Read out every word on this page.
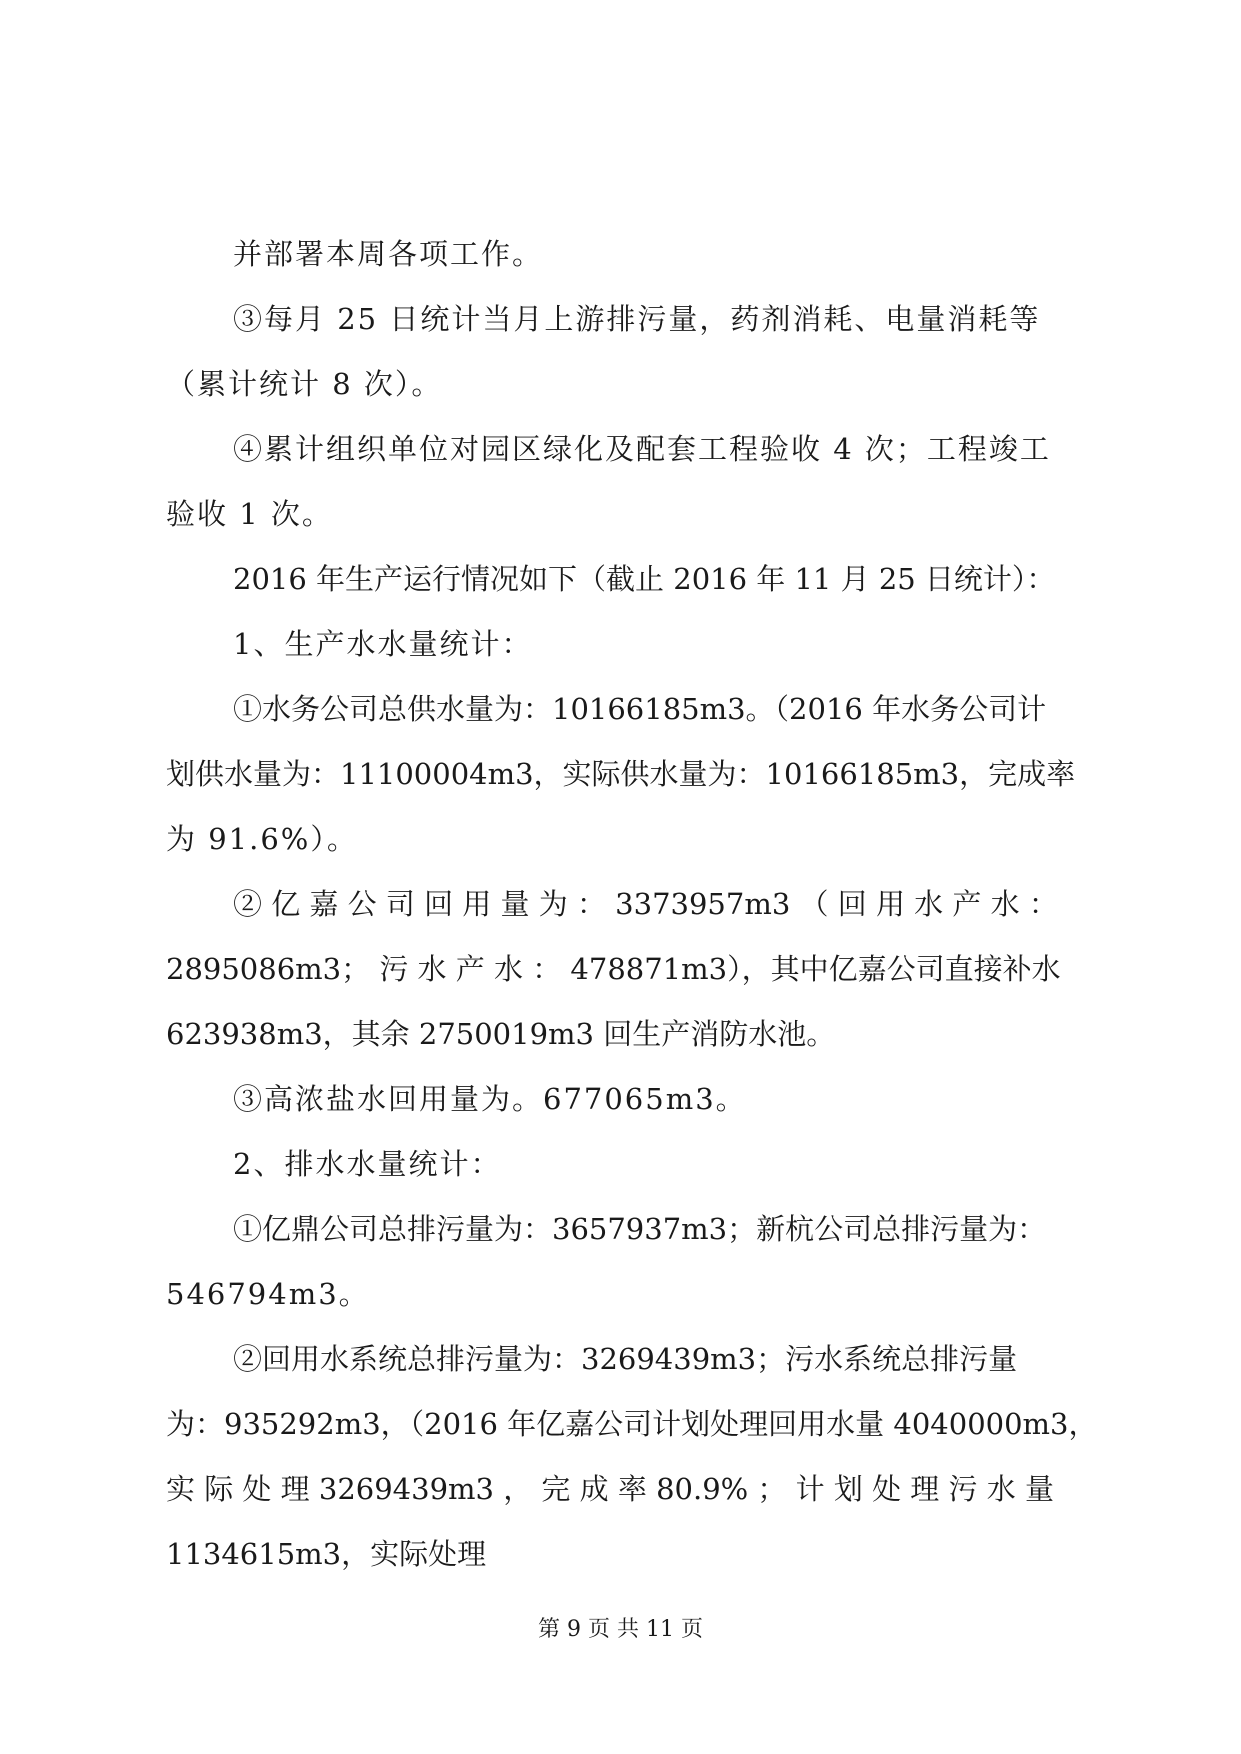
并部署本周各项工作。
③每月 25 日统计当月上游排污量，药剂消耗、电量消耗等
（累计统计 8 次）。
④累计组织单位对园区绿化及配套工程验收 4 次；工程竣工
验收 1 次。
2016 年生产运行情况如下（截止 2016 年 11 月 25 日统计）：
1、生产水水量统计：
①水务公司总供水量为：10166185m3。（2016 年水务公司计
划供水量为：11100004m3，实际供水量为：10166185m3，完成率
为 91.6%）。
② 亿 嘉 公 司 回 用 量 为 ： 3373957m3 （ 回 用 水 产 水 ：
2895086m3； 污 水 产 水 ： 478871m3），其中亿嘉公司直接补水
623938m3，其余 2750019m3 回生产消防水池。
③高浓盐水回用量为。677065m3。
2、排水水量统计：
①亿鼎公司总排污量为：3657937m3；新杭公司总排污量为：
546794m3。
②回用水系统总排污量为：3269439m3；污水系统总排污量
为：935292m3，（2016 年亿嘉公司计划处理回用水量 4040000m3，
实 际 处 理 3269439m3 ， 完 成 率 80.9% ； 计 划 处 理 污 水 量
1134615m3，实际处理
第 9 页 共 11 页
